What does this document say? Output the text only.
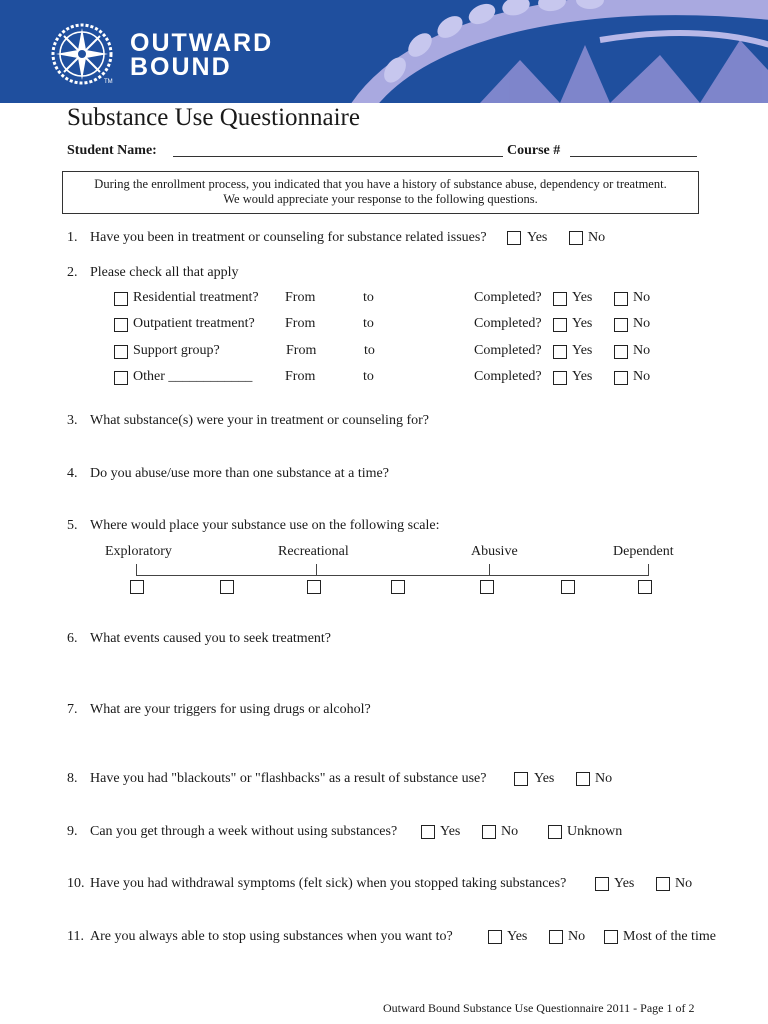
TM
OUTWARD
BOUND
Substance Use Questionnaire
Student Name:	Course #
During the enrollment process, you indicated that you have a history of substance abuse, dependency or treatment.
We would appreciate your response to the following questions.
1. Have you been in treatment or counseling for substance related issues?	Yes	No
2. Please check all that apply
Residential treatment? From	to	Completed? Yes	No
Outpatient treatment? From	to	Completed? Yes	No
Support group?	From	to	Completed? Yes	No
Other ____________ From	to	Completed? Yes	No
3. What substance(s) were your in treatment or counseling for?
4. Do you abuse/use more than one substance at a time?
5. Where would place your substance use on the following scale:
Exploratory	Recreational	Abusive	Dependent
6. What events caused you to seek treatment?
7. What are your triggers for using drugs or alcohol?
8. Have you had "blackouts" or "flashbacks" as a result of substance use?	Yes	No
9. Can you get through a week without using substances?	Yes	No	Unknown
10. Have you had withdrawal symptoms (felt sick) when you stopped taking substances?	Yes	No
11. Are you always able to stop using substances when you want to?	Yes	No	Most of the time
Outward Bound Substance Use Questionnaire 2011 - Page 1 of 2
